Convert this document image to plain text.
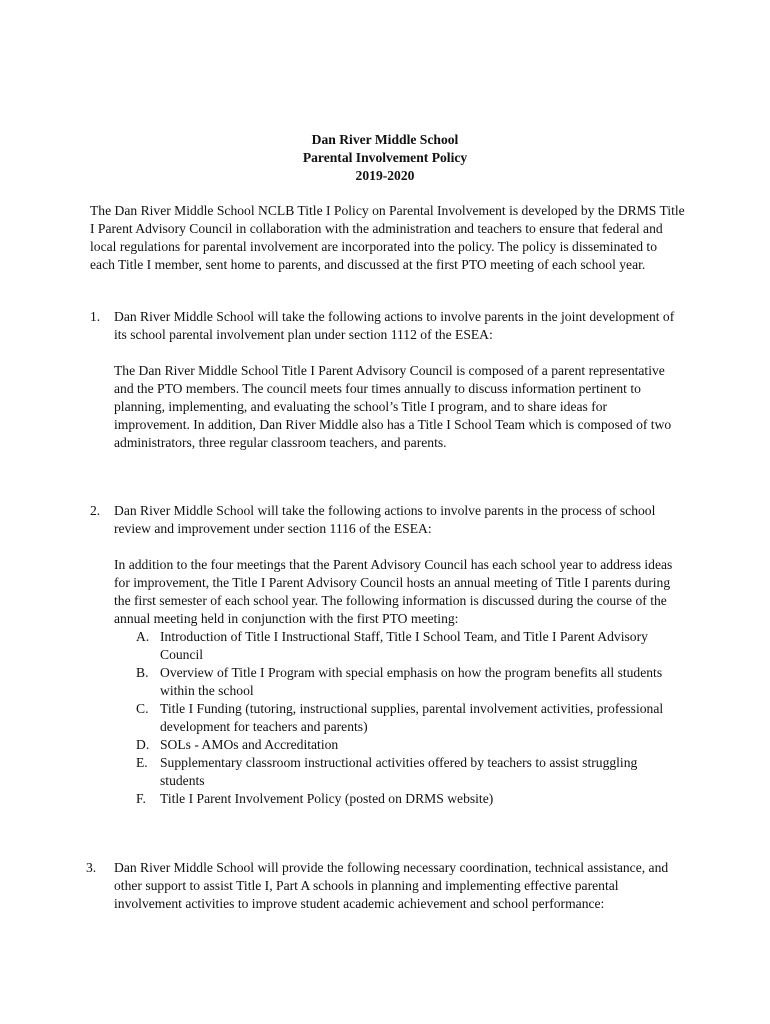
Dan River Middle School
Parental Involvement Policy
2019-2020

The Dan River Middle School NCLB Title I Policy on Parental Involvement is developed by the DRMS Title I Parent Advisory Council in collaboration with the administration and teachers to ensure that federal and local regulations for parental involvement are incorporated into the policy. The policy is disseminated to each Title I member, sent home to parents, and discussed at the first PTO meeting of each school year.

1.	Dan River Middle School will take the following actions to involve parents in the joint development of its school parental involvement plan under section 1112 of the ESEA:

The Dan River Middle School Title I Parent Advisory Council is composed of a parent representative and the PTO members. The council meets four times annually to discuss information pertinent to planning, implementing, and evaluating the school’s Title I program, and to share ideas for improvement. In addition, Dan River Middle also has a Title I School Team which is composed of two administrators, three regular classroom teachers, and parents.

2.	Dan River Middle School will take the following actions to involve parents in the process of school review and improvement under section 1116 of the ESEA:

In addition to the four meetings that the Parent Advisory Council has each school year to address ideas for improvement, the Title I Parent Advisory Council hosts an annual meeting of Title I parents during the first semester of each school year. The following information is discussed during the course of the annual meeting held in conjunction with the first PTO meeting:

A. Introduction of Title I Instructional Staff, Title I School Team, and Title I Parent Advisory Council
B. Overview of Title I Program with special emphasis on how the program benefits all students within the school
C. Title I Funding (tutoring, instructional supplies, parental involvement activities, professional development for teachers and parents)
D. SOLs - AMOs and Accreditation
E. Supplementary classroom instructional activities offered by teachers to assist struggling students
F. Title I Parent Involvement Policy (posted on DRMS website)
3.	Dan River Middle School will provide the following necessary coordination, technical assistance, and other support to assist Title I, Part A schools in planning and implementing effective parental involvement activities to improve student academic achievement and school performance:
